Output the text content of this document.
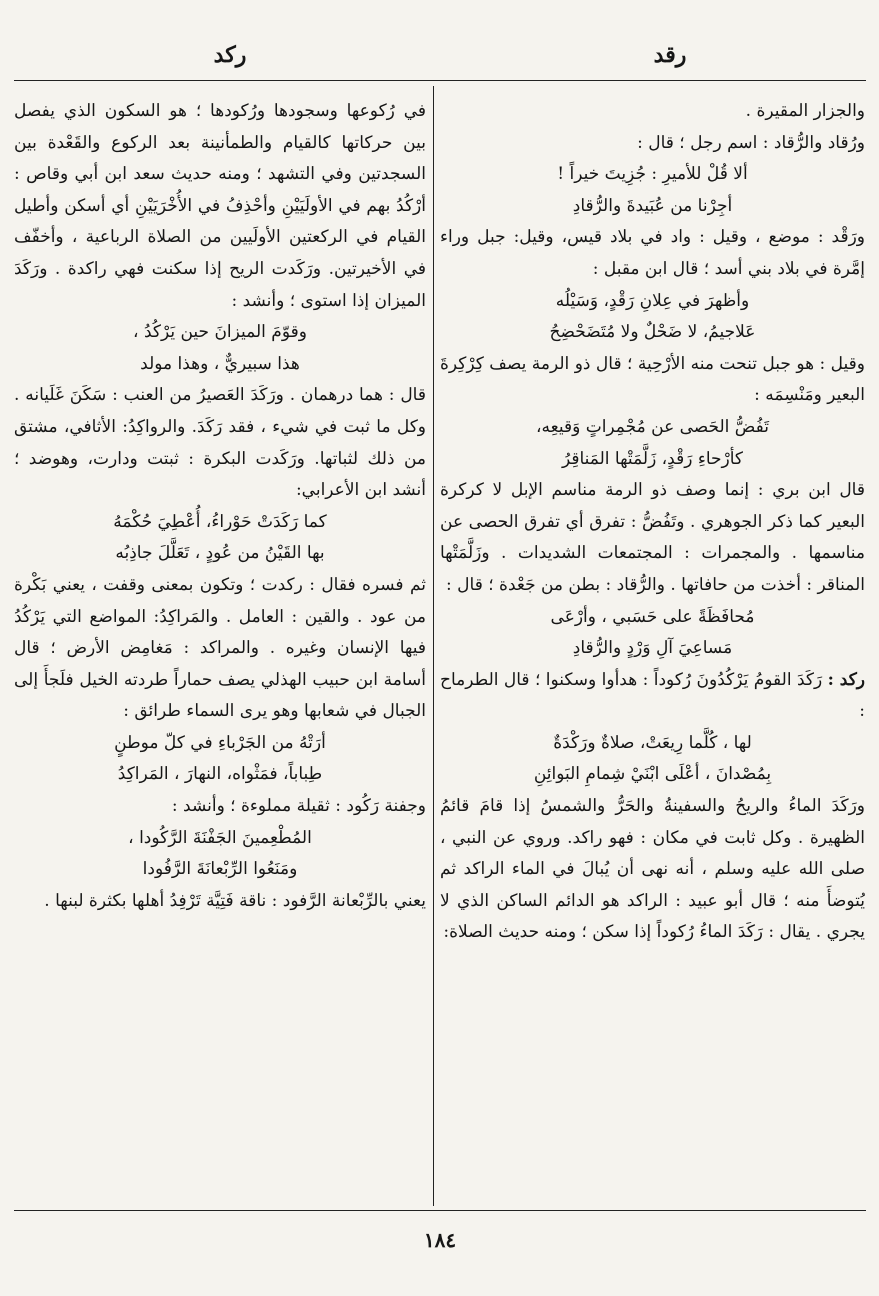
رقد
ركد

والجزار المقيرة .

ورُقاد والرُّقاد : اسم رجل ؛ قال :

ألا قُلْ للأميرِ : جُزِيتَ خيراً !

أجِرْنا من عُبَيدةَ والرُّقادِ

ورَقْد : موضع ، وقيل : واد في بلاد قيس، وقيل: جبل وراء إمَّرة في بلاد بني أسد ؛ قال ابن مقبل :

وأظهرَ في عِلانِ رَقْدٍ، وَسَيْلُه

عَلاجيمُ، لا ضَحْلٌ ولا مُتَضَحْضِحُ

وقيل : هو جبل تنحت منه الأرْحِية ؛ قال ذو الرمة يصف كِرْكِرةَ البعير ومَنْسِمَه :

تَفُضُّ الحَصى عن مُجْمِراتٍ وَقيعِه،

كأرْحاءِ رَقْدٍ، زَلَّمَتْها المَناقِرُ

قال ابن بري : إنما وصف ذو الرمة مناسم الإبل لا كركرة البعير كما ذكر الجوهري . وتَفُضُّ : تفرق أي تفرق الحصى عن مناسمها . والمجمرات : المجتمعات الشديدات . وزَلَّمَتْها المناقر : أخذت من حافاتها . والرُّقاد : بطن من جَعْدة ؛ قال :

مُحافَظَةً على حَسَبي ، وأرْعَى

مَساعِيَ آلِ وَرْدٍ والرُّقادِ

ركد : رَكَدَ القومُ يَرْكُدُونَ رُكوداً : هدأوا وسكنوا ؛ قال الطرماح :

لها ، كُلَّما رِيعَتْ، صلاةٌ ورَكْدَةٌ

بِمُصْدانَ ، أعْلَى ابْنَيْ شِمامِ البَوائِنِ

ورَكَدَ الماءُ والريحُ والسفينةُ والحَرُّ والشمسُ إذا قامَ قائمُ الظهيرة . وكل ثابت في مكان : فهو راكد. وروي عن النبي ، صلى الله عليه وسلم ، أنه نهى أن يُبالَ في الماء الراكد ثم يُتوضأَ منه ؛ قال أبو عبيد : الراكد هو الدائم الساكن الذي لا يجري . يقال : رَكَدَ الماءُ رُكوداً إذا سكن ؛ ومنه حديث الصلاة:

في رُكوعها وسجودها ورُكودها ؛ هو السكون الذي يفصل بين حركاتها كالقيام والطمأنينة بعد الركوع والقَعْدة بين السجدتين وفي التشهد ؛ ومنه حديث سعد ابن أبي وقاص : أرْكُدُ بهم في الأولَيَيْنِ وأحْذِفُ في الأُخْرَيَيْنِ أي أسكن وأطيل القيام في الركعتين الأولَيين من الصلاة الرباعية ، وأخفّف في الأخيرتين. ورَكَدت الريح إذا سكنت فهي راكدة . ورَكَدَ الميزان إذا استوى ؛ وأنشد :

وقوّمَ الميزانَ حين يَرْكُدُ ،

هذا سبيريٌّ ، وهذا مولد

قال : هما درهمان . ورَكَدَ العَصيرُ من العنب : سَكَنَ غَلَيانه . وكل ما ثبت في شيء ، فقد رَكَدَ. والرواكِدُ: الأثافي، مشتق من ذلك لثباتها. ورَكَدت البكرة : ثبتت ودارت، وهوضد ؛ أنشد ابن الأعرابي:

كما رَكَدَتْ حَوْراءُ، أُعْطِيَ حُكْمَهُ

بها القَيْنُ من عُودٍ ، تَعَلَّلَ جاذِبُه

ثم فسره فقال : ركدت ؛ وتكون بمعنى وقفت ، يعني بَكْرة من عود . والقين : العامل . والمَراكِدُ: المواضع التي يَرْكُدُ فيها الإنسان وغيره . والمراكد : مَغامِض الأرض ؛ قال أسامة ابن حبيب الهذلي يصف حماراً طردته الخيل فلَجأَ إلى الجبال في شعابها وهو يرى السماء طرائق :

أرَتْهُ من الجَرْباءِ في كلّ موطنٍ

طِباباً، فمَثْواه، النهارَ ، المَراكِدُ

وجفنة رَكُود : ثقيلة مملوءة ؛ وأنشد :

المُطْعِمينَ الجَفْنَةَ الرَّكُودا ،

ومَنَعُوا الرِّبْعانَةَ الرَّفُودا

يعني بالرِّبْعانة الرَّفود : ناقة فَتِيَّة تَرْفِدُ أهلها بكثرة لبنها .

١٨٤
